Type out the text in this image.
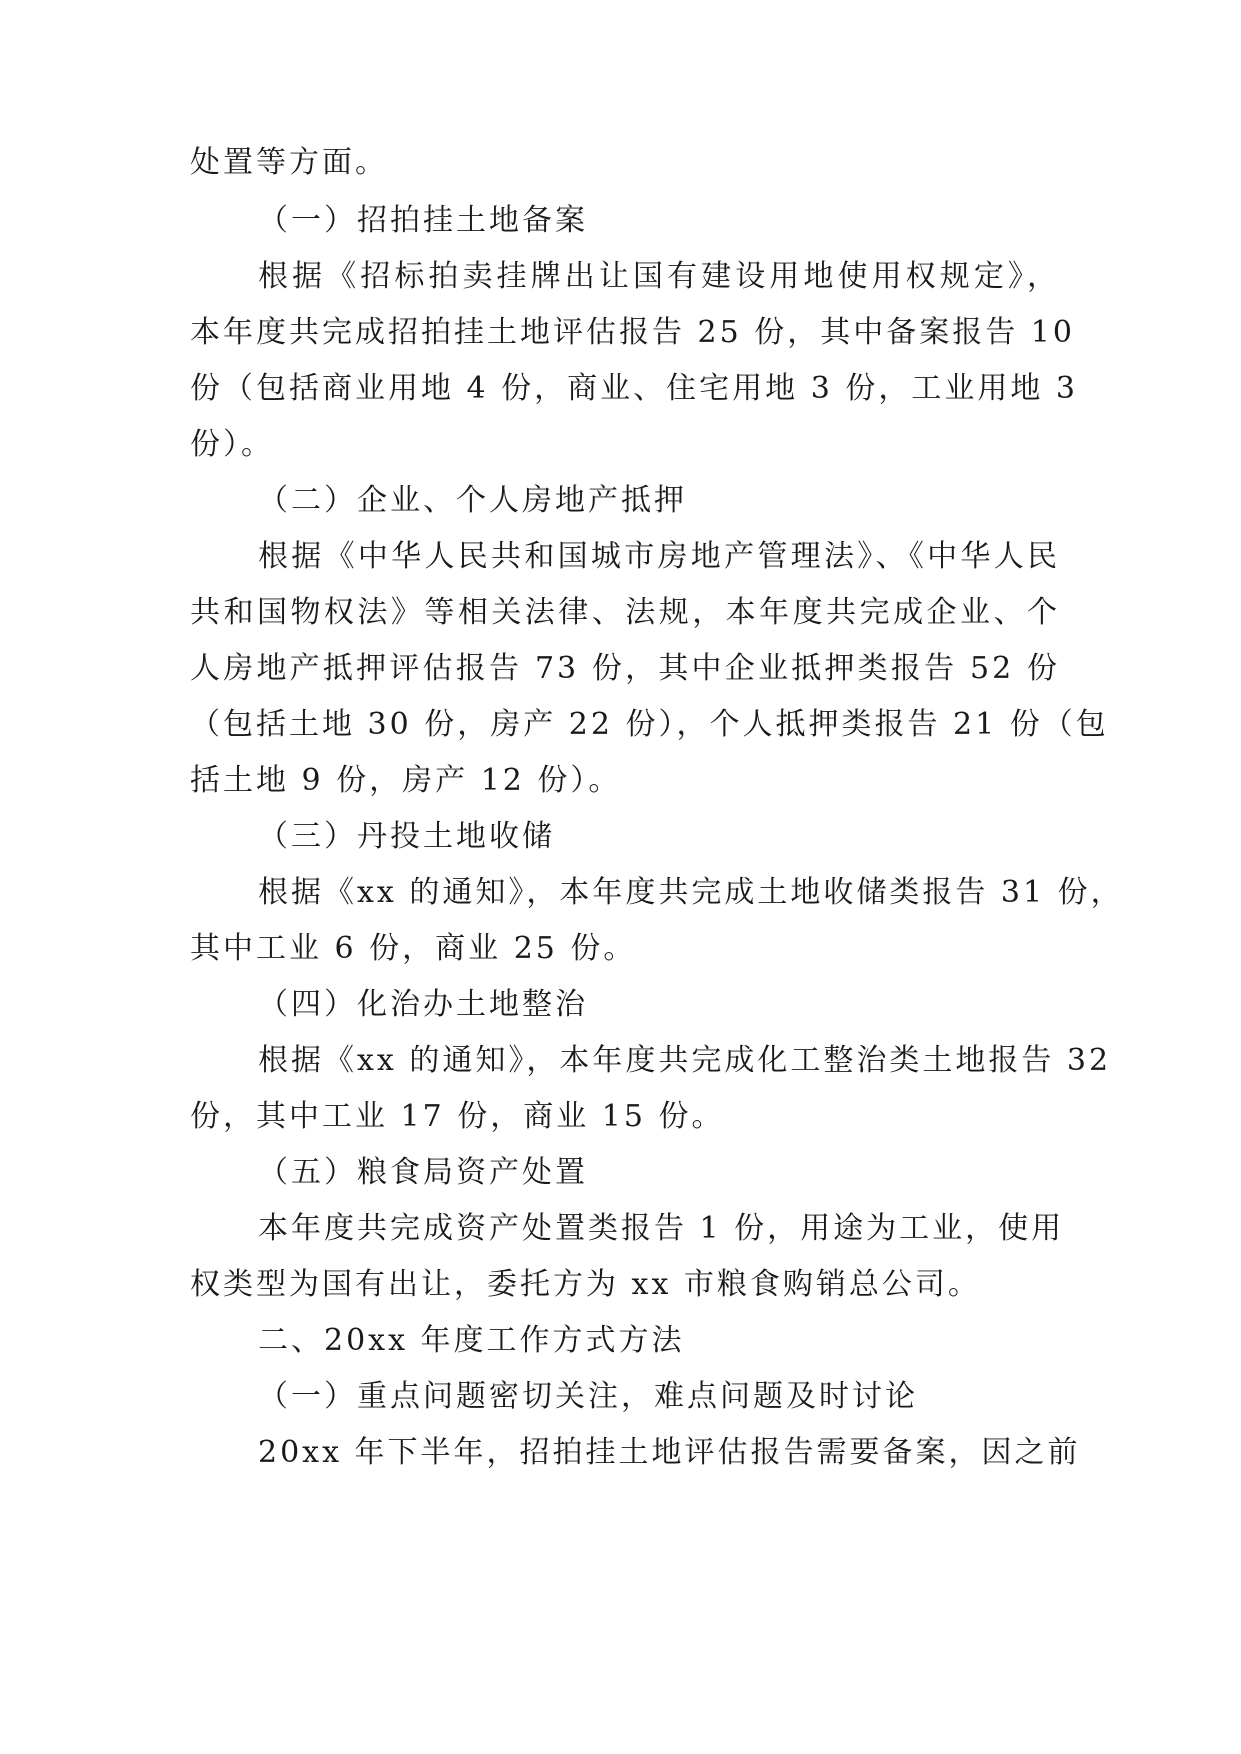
处置等方面。
（一）招拍挂土地备案
根据《招标拍卖挂牌出让国有建设用地使用权规定》，
本年度共完成招拍挂土地评估报告 25 份，其中备案报告 10
份（包括商业用地 4 份，商业、住宅用地 3 份，工业用地 3
份）。
（二）企业、个人房地产抵押
根据《中华人民共和国城市房地产管理法》、《中华人民
共和国物权法》等相关法律、法规，本年度共完成企业、个
人房地产抵押评估报告 73 份，其中企业抵押类报告 52 份
（包括土地 30 份，房产 22 份），个人抵押类报告 21 份（包
括土地 9 份，房产 12 份）。
（三）丹投土地收储
根据《xx 的通知》，本年度共完成土地收储类报告 31 份，
其中工业 6 份，商业 25 份。
（四）化治办土地整治
根据《xx 的通知》，本年度共完成化工整治类土地报告 32
份，其中工业 17 份，商业 15 份。
（五）粮食局资产处置
本年度共完成资产处置类报告 1 份，用途为工业，使用
权类型为国有出让，委托方为 xx 市粮食购销总公司。
二、20xx 年度工作方式方法
（一）重点问题密切关注，难点问题及时讨论
20xx 年下半年，招拍挂土地评估报告需要备案，因之前
